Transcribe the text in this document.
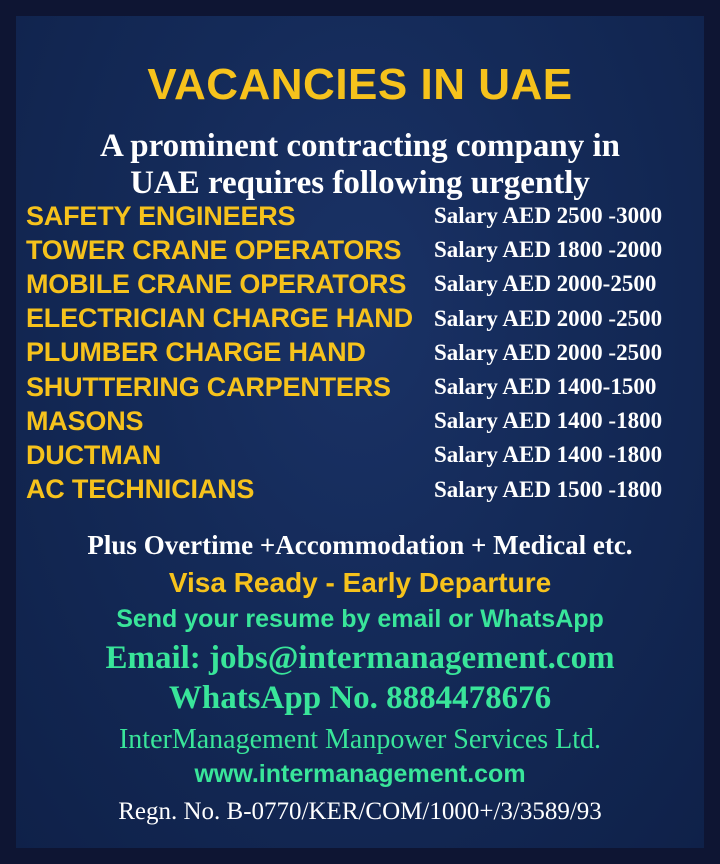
VACANCIES IN UAE

A prominent contracting company in

UAE requires following urgently

SAFETY ENGINEERS	Salary AED 2500 -3000
TOWER CRANE OPERATORS	Salary AED 1800 -2000
MOBILE CRANE OPERATORS	Salary AED 2000-2500
ELECTRICIAN CHARGE HAND Salary AED 2000 -2500
PLUMBER CHARGE HAND	Salary AED 2000 -2500
SHUTTERING CARPENTERS	Salary AED 1400-1500
MASONS	Salary AED 1400 -1800
DUCTMAN	Salary AED 1400 -1800
AC TECHNICIANS	Salary AED 1500 -1800

Plus Overtime +Accommodation + Medical etc.

Visa Ready - Early Departure

Send your resume by email or WhatsApp

Email: jobs@intermanagement.com

WhatsApp No. 8884478676

InterManagement Manpower Services Ltd.

www.intermanagement.com

Regn. No. B-0770/KER/COM/1000+/3/3589/93
